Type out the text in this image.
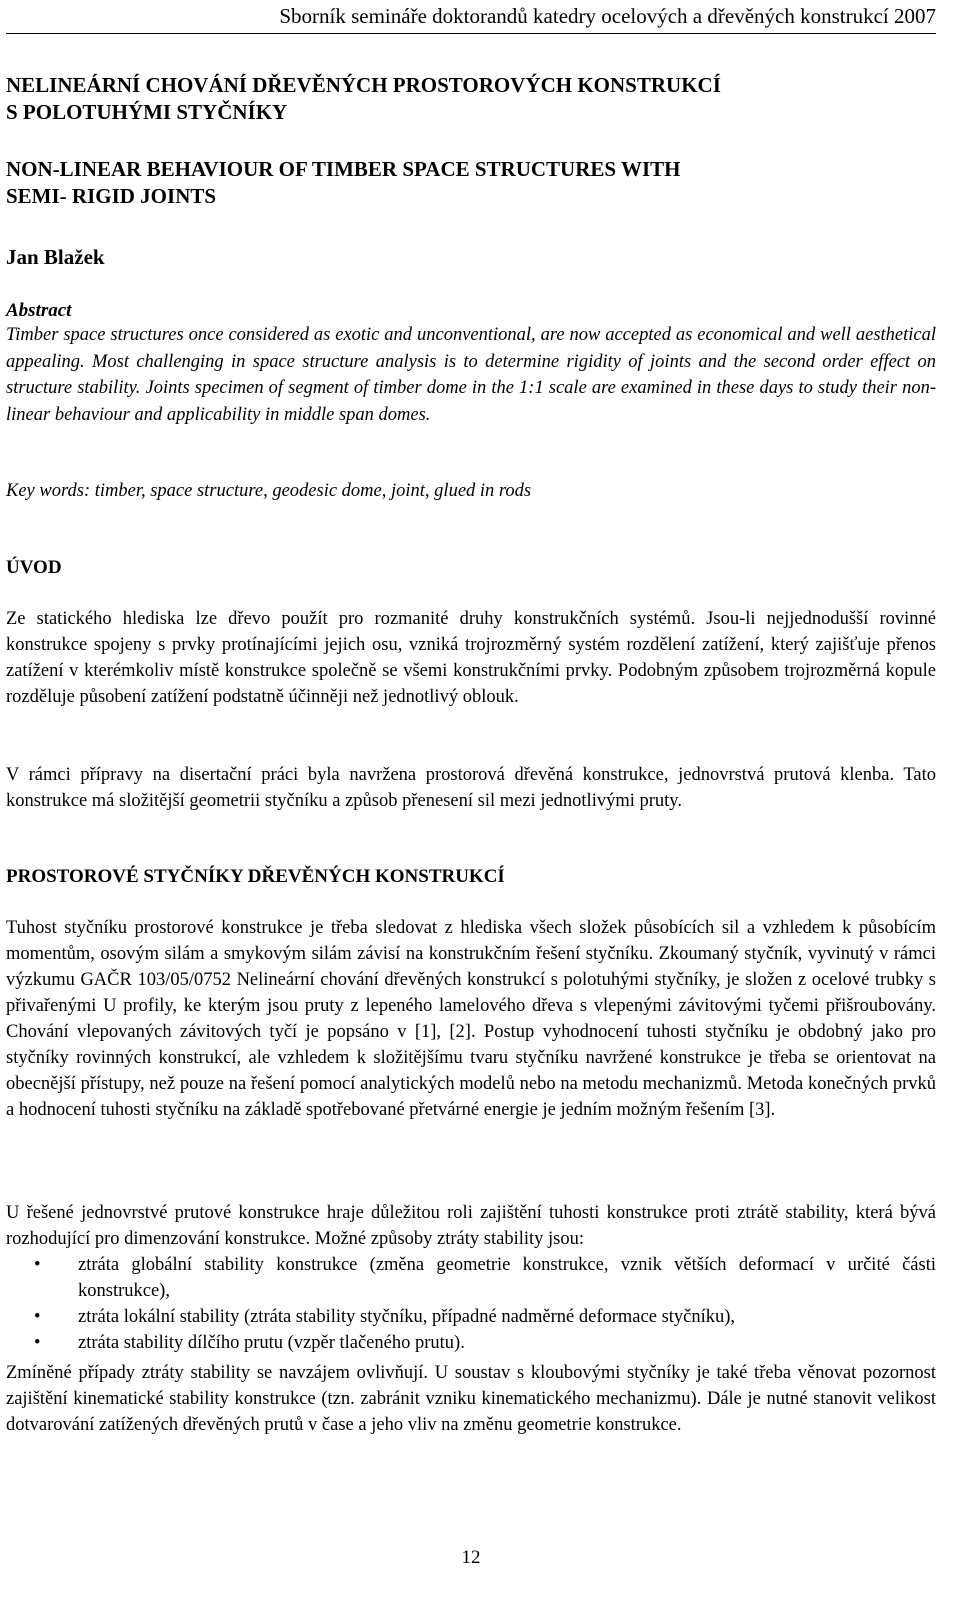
Sborník semináře doktorandů katedry ocelových a dřevěných konstrukcí 2007
NELINEÁRNÍ CHOVÁNÍ DŘEVĚNÝCH PROSTOROVÝCH KONSTRUKCÍ
S POLOTUHÝMI STYČNÍKY
NON-LINEAR BEHAVIOUR OF TIMBER SPACE STRUCTURES WITH
SEMI- RIGID JOINTS

Jan Blažek

Abstract

Timber space structures once considered as exotic and unconventional, are now accepted as economical and well aesthetical appealing. Most challenging in space structure analysis is to determine rigidity of joints and the second order effect on structure stability. Joints specimen of segment of timber dome in the 1:1 scale are examined in these days to study their non-linear behaviour and applicability in middle span domes.

Key words: timber, space structure, geodesic dome, joint, glued in rods

ÚVOD

Ze statického hlediska lze dřevo použít pro rozmanité druhy konstrukčních systémů. Jsou-li nejjednodušší rovinné konstrukce spojeny s prvky protínajícími jejich osu, vzniká trojrozměrný systém rozdělení zatížení, který zajišťuje přenos zatížení v kterémkoliv místě konstrukce společně se všemi konstrukčními prvky. Podobným způsobem trojrozměrná kopule rozděluje působení zatížení podstatně účinněji než jednotlivý oblouk.

V rámci přípravy na disertační práci byla navržena prostorová dřevěná konstrukce, jednovrstvá prutová klenba. Tato konstrukce má složitější geometrii styčníku a způsob přenesení sil mezi jednotlivými pruty.

PROSTOROVÉ STYČNÍKY DŘEVĚNÝCH KONSTRUKCÍ

Tuhost styčníku prostorové konstrukce je třeba sledovat z hlediska všech složek působících sil a vzhledem k působícím momentům, osovým silám a smykovým silám závisí na konstrukčním řešení styčníku. Zkoumaný styčník, vyvinutý v rámci výzkumu GAČR 103/05/0752 Nelineární chování dřevěných konstrukcí s polotuhými styčníky, je složen z ocelové trubky s přivařenými U profily, ke kterým jsou pruty z lepeného lamelového dřeva s vlepenými závitovými tyčemi přišroubovány. Chování vlepovaných závitových tyčí je popsáno v [1], [2]. Postup vyhodnocení tuhosti styčníku je obdobný jako pro styčníky rovinných konstrukcí, ale vzhledem k složitějšímu tvaru styčníku navržené konstrukce je třeba se orientovat na obecnější přístupy, než pouze na řešení pomocí analytických modelů nebo na metodu mechanizmů. Metoda konečných prvků a hodnocení tuhosti styčníku na základě spotřebované přetvárné energie je jedním možným řešením [3].

U řešené jednovrstvé prutové konstrukce hraje důležitou roli zajištění tuhosti konstrukce proti ztrátě stability, která bývá rozhodující pro dimenzování konstrukce. Možné způsoby ztráty stability jsou:

• ztráta globální stability konstrukce (změna geometrie konstrukce, vznik větších deformací v určité části konstrukce),
• ztráta lokální stability (ztráta stability styčníku, případné nadměrné deformace styčníku),
• ztráta stability dílčího prutu (vzpěr tlačeného prutu).

Zmíněné případy ztráty stability se navzájem ovlivňují. U soustav s kloubovými styčníky je také třeba věnovat pozornost zajištění kinematické stability konstrukce (tzn. zabránit vzniku kinematického mechanizmu). Dále je nutné stanovit velikost dotvarování zatížených dřevěných prutů v čase a jeho vliv na změnu geometrie konstrukce.

12
